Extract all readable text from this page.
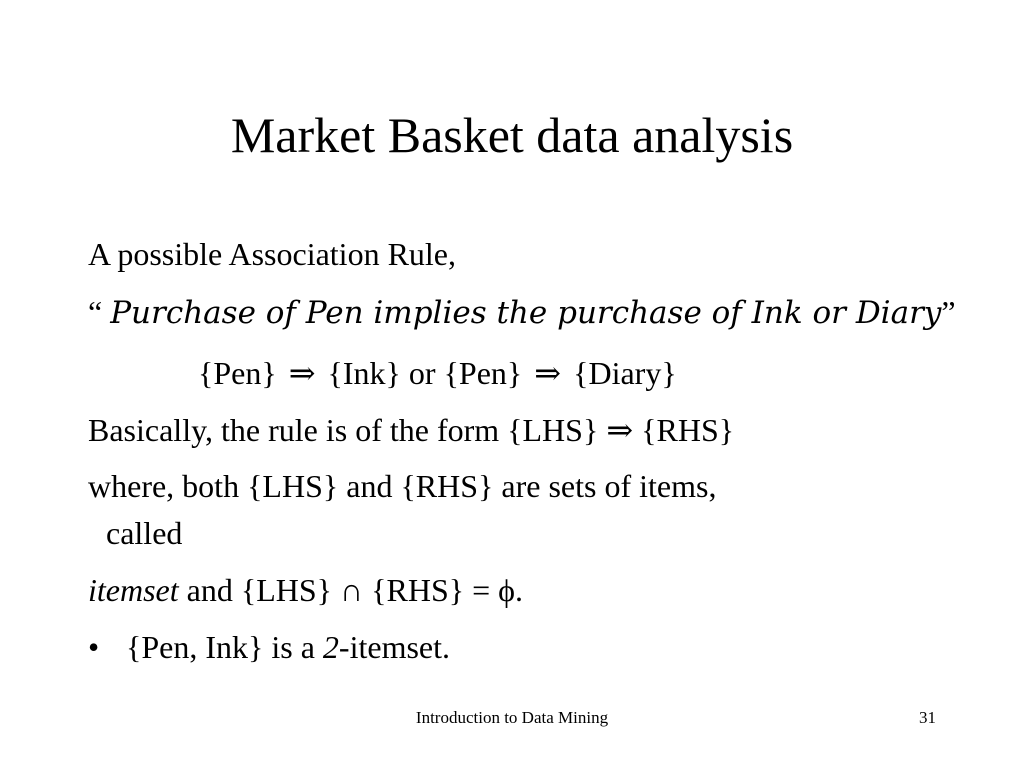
Market Basket data analysis
A possible Association Rule,
“ Purchase of Pen implies the purchase of Ink or Diary”
{Pen} ⇒ {Ink} or {Pen} ⇒ {Diary}
Basically, the rule is of the form {LHS} ⇒ {RHS}
where, both {LHS} and {RHS} are sets of items,
called
itemset and {LHS} ∩ {RHS} = ϕ.
• {Pen, Ink} is a 2-itemset.
Introduction to Data Mining	31
